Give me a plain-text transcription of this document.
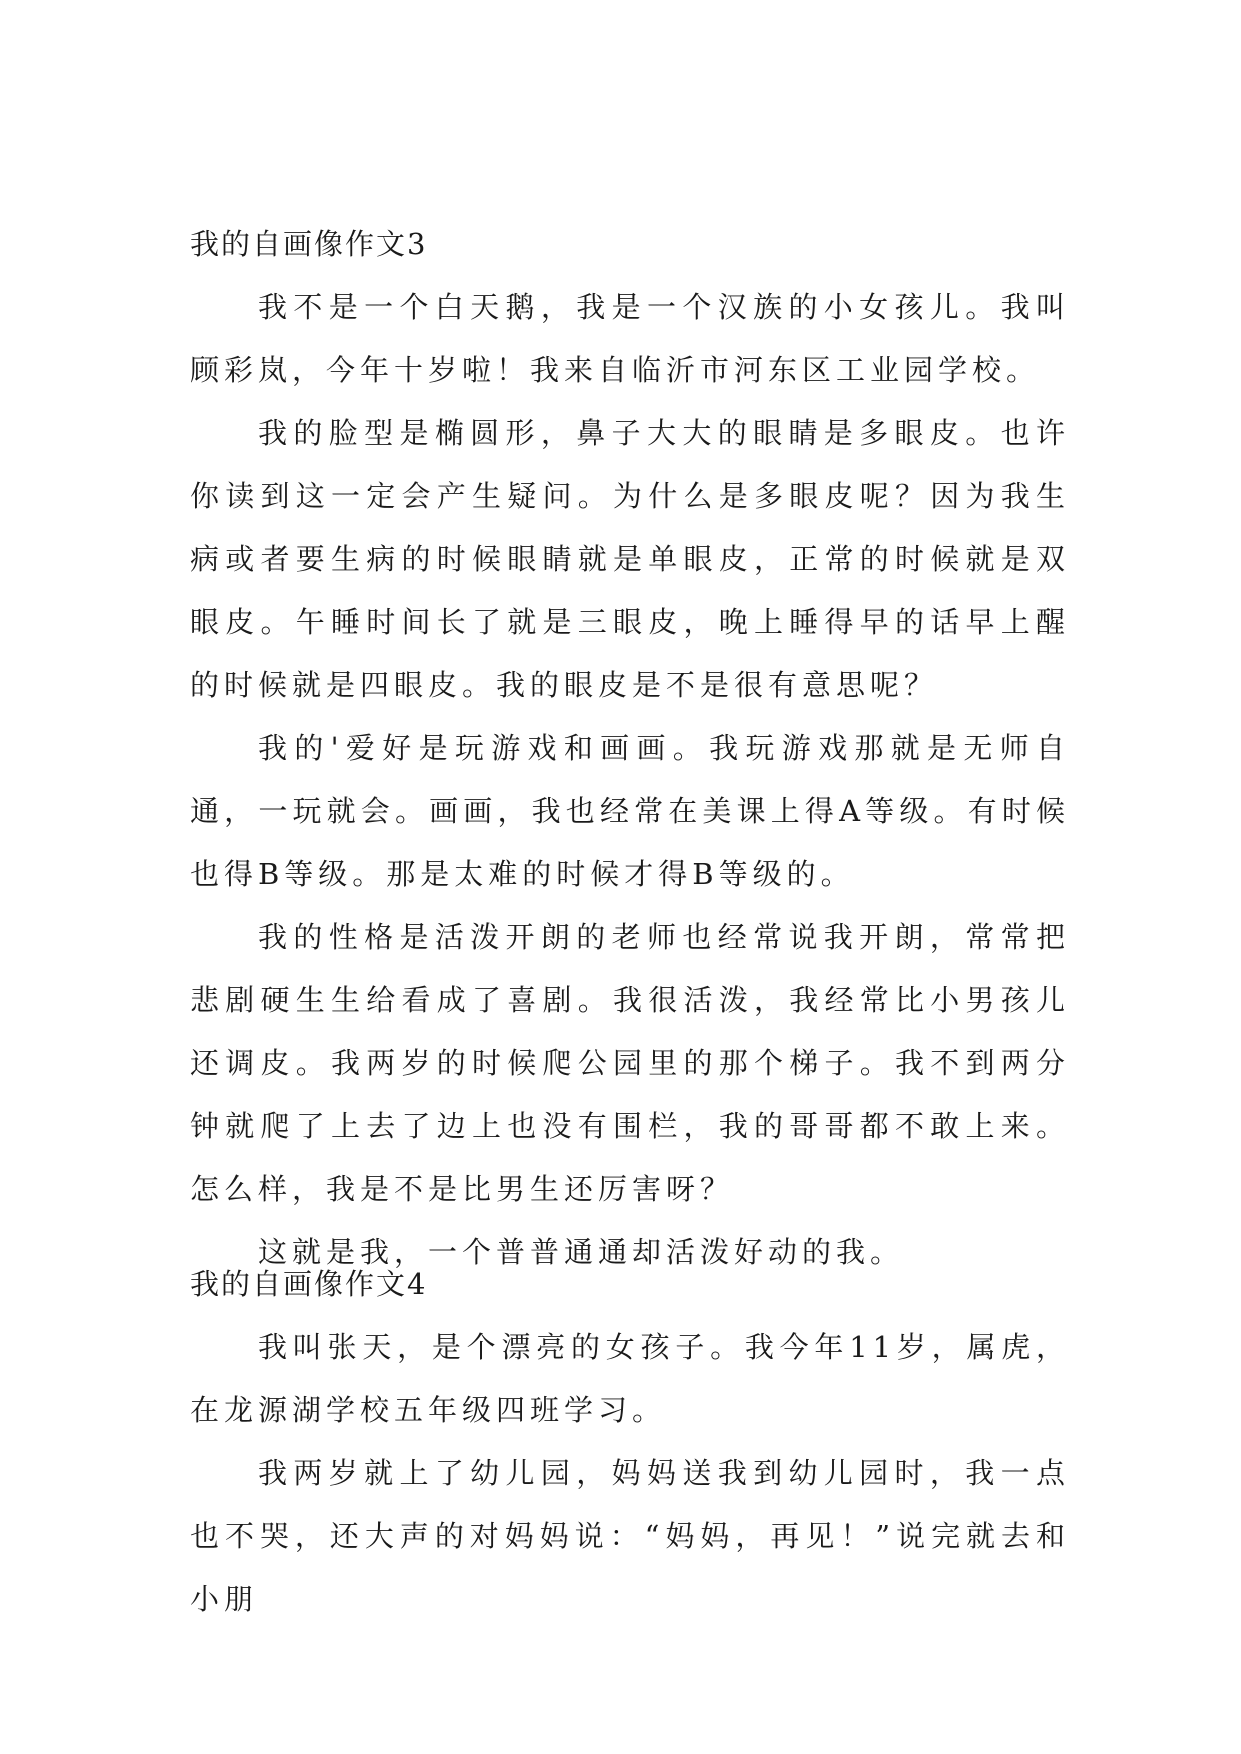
我的自画像作文3

我不是一个白天鹅，我是一个汉族的小女孩儿。我叫顾彩岚，今年十岁啦！我来自临沂市河东区工业园学校。

我的脸型是椭圆形，鼻子大大的眼睛是多眼皮。也许你读到这一定会产生疑问。为什么是多眼皮呢？因为我生病或者要生病的时候眼睛就是单眼皮，正常的时候就是双眼皮。午睡时间长了就是三眼皮，晚上睡得早的话早上醒的时候就是四眼皮。我的眼皮是不是很有意思呢？

我的'爱好是玩游戏和画画。我玩游戏那就是无师自通，一玩就会。画画，我也经常在美课上得A等级。有时候也得B等级。那是太难的时候才得B等级的。

我的性格是活泼开朗的老师也经常说我开朗，常常把悲剧硬生生给看成了喜剧。我很活泼，我经常比小男孩儿还调皮。我两岁的时候爬公园里的那个梯子。我不到两分钟就爬了上去了边上也没有围栏，我的哥哥都不敢上来。怎么样，我是不是比男生还厉害呀？

这就是我，一个普普通通却活泼好动的我。

我的自画像作文4

我叫张天，是个漂亮的女孩子。我今年11岁，属虎，在龙源湖学校五年级四班学习。

我两岁就上了幼儿园，妈妈送我到幼儿园时，我一点也不哭，还大声的对妈妈说：“妈妈，再见！”说完就去和小朋
